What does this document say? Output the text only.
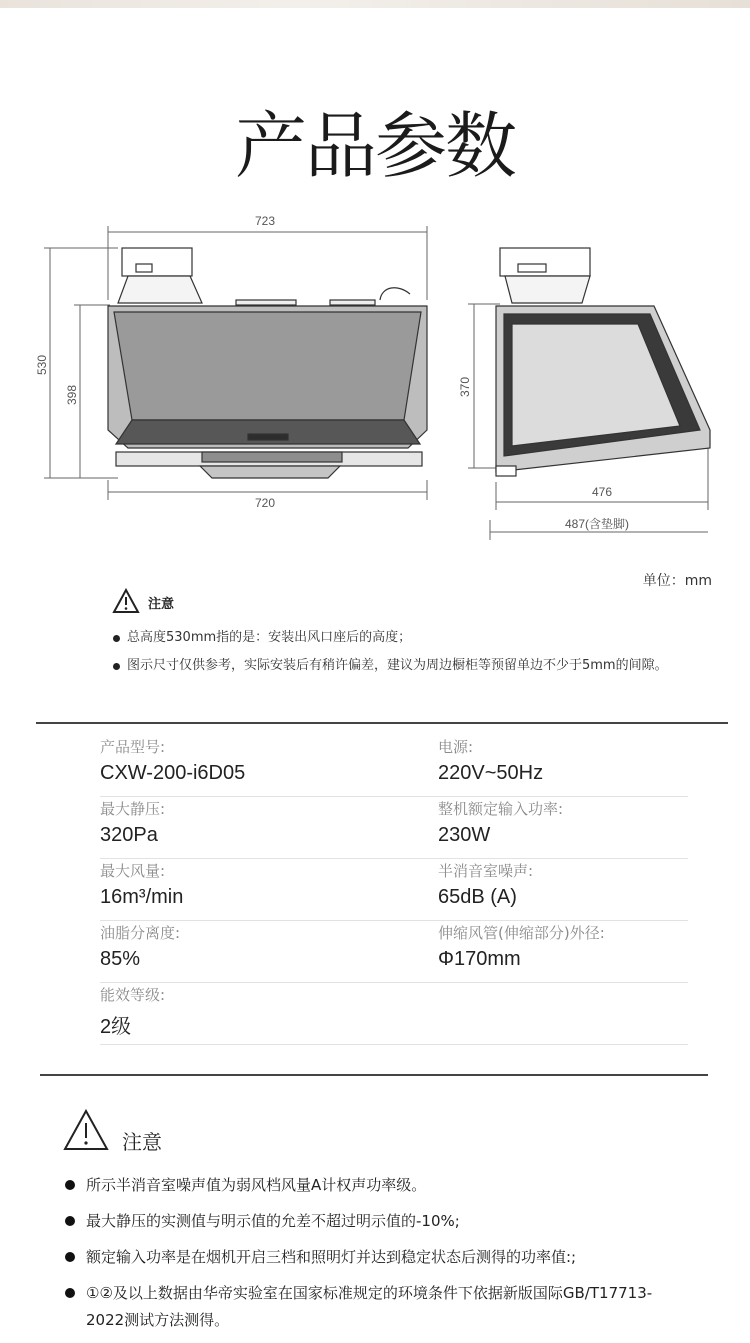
产品参数
723
530
398
720
370
476
487(含垫脚)
单位：mm
注意
总高度530mm指的是：安装出风口座后的高度；
图示尺寸仅供参考，实际安装后有稍许偏差，建议为周边橱柜等预留单边不少于5mm的间隙。
产品型号:
CXW-200-i6D05
电源:
220V~50Hz
最大静压:
320Pa
整机额定输入功率:
230W
最大风量:
16m³/min
半消音室噪声:
65dB (A)
油脂分离度:
85%
伸缩风管(伸缩部分)外径:
Φ170mm
能效等级:
2级
注意
所示半消音室噪声值为弱风档风量A计权声功率级。
最大静压的实测值与明示值的允差不超过明示值的-10%;
额定输入功率是在烟机开启三档和照明灯并达到稳定状态后测得的功率值:;
①②及以上数据由华帝实验室在国家标准规定的环境条件下依据新版国际GB/T17713-2022测试方法测得。
